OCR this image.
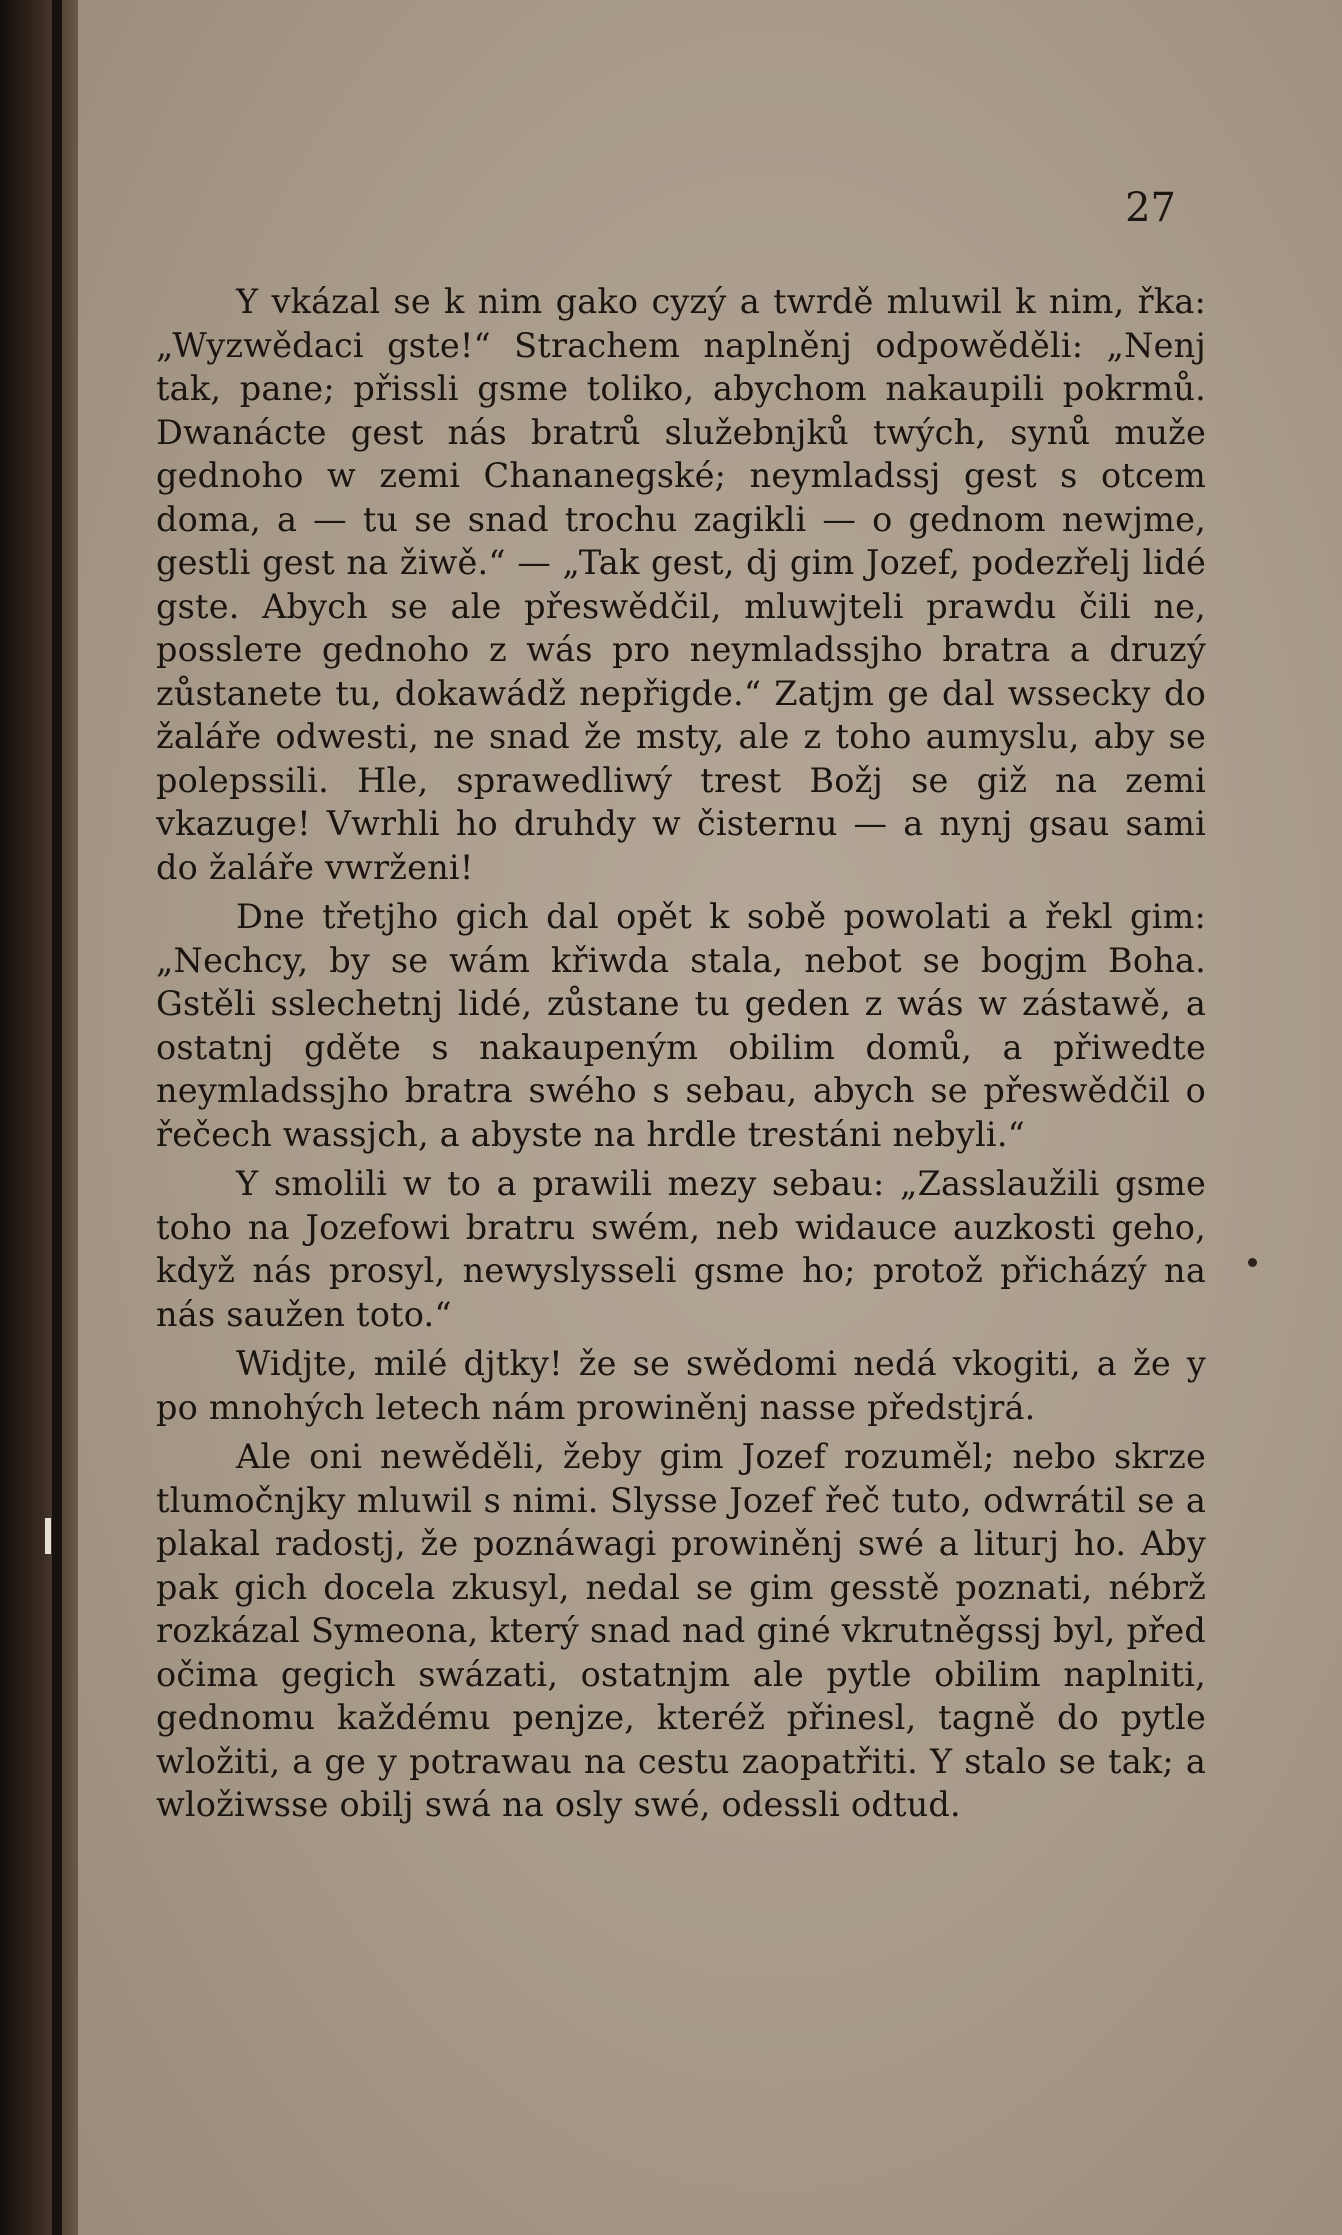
27

Y vkázal se k nim gako cyzý a twrdě mluwil k nim, řka: „Wyzwědaci gste!“ Strachem naplněnj odpowěděli: „Nenj tak, pane; přissli gsme toliko, abychom nakaupili pokrmů. Dwanácte gest nás bratrů služebnjků twých, synů muže gednoho w zemi Chananegské; neymladssj gest s otcem doma, a — tu se snad trochu zagikli — o gednom newjme, gestli gest na žiwě.“ — „Tak gest, dj gim Jozef, podezřelj lidé gste. Abych se ale přeswědčil, mluwjteli prawdu čili ne, possleте gednoho z wás pro neymladssjho bratra a druzý zůstanete tu, dokawádž nepřigde.“ Zatjm ge dal wsseckу do žaláře odwesti, ne snad že msty, ale z toho aumyslu, aby se polepssili. Hle, sprawedliwý trest Božj se giž na zemi vkazuge! Vwrhli ho druhdy w čisternu — a nynj gsau sami do žaláře vwrženi!

Dne třetjho gich dal opět k sobě powolati a řekl gim: „Nechcy, by se wám křiwda stala, nebot se bogjm Boha. Gstěli sslechetnj lidé, zůstane tu geden z wás w zástawě, a ostatnj gděte s nakaupeným obilim domů, a přiwedte neymladssjho bratra swého s sebau, abych se přeswědčil o řečech wassjch, a abyste na hrdle trestánі nebyli.“

Y smolili w to a prawili mezy sebau: „Zasslaužili gsme toho na Jozefowi bratru swém, neb widauce auzkosti geho, když nás prosyl, newyslysseli gsme ho; protož přicházý na nás saužen toto.“

Widjte, milé djtky! že se swědomi nedá vkogiti, a že y po mnohých letech nám prowiněnj nasse předstjrá.

Ale oni newěděli, žeby gim Jozef rozuměl; nebo skrze tlumočnjky mluwil s nimi. Slysse Jozef řeč tuto, odwrátil se a plakal radostj, že poznáwagi prowiněnj swé a lituгj ho. Aby pak gich docela zkusyl, nedal se gim gesstě poznati, nébrž rozkázal Symeona, který snad nad giné vkrutněgssj byl, před očima gegich swázati, ostatnjm ale pytle obilim naplniti, gednomu každému penjze, kteréž přinesl, tagně do pytle wložiti, a ge y potrawau na cestu zaopatřiti. Y stalo se tak; a wložiwsse obilj swá na osly swé, odessli odtud.
